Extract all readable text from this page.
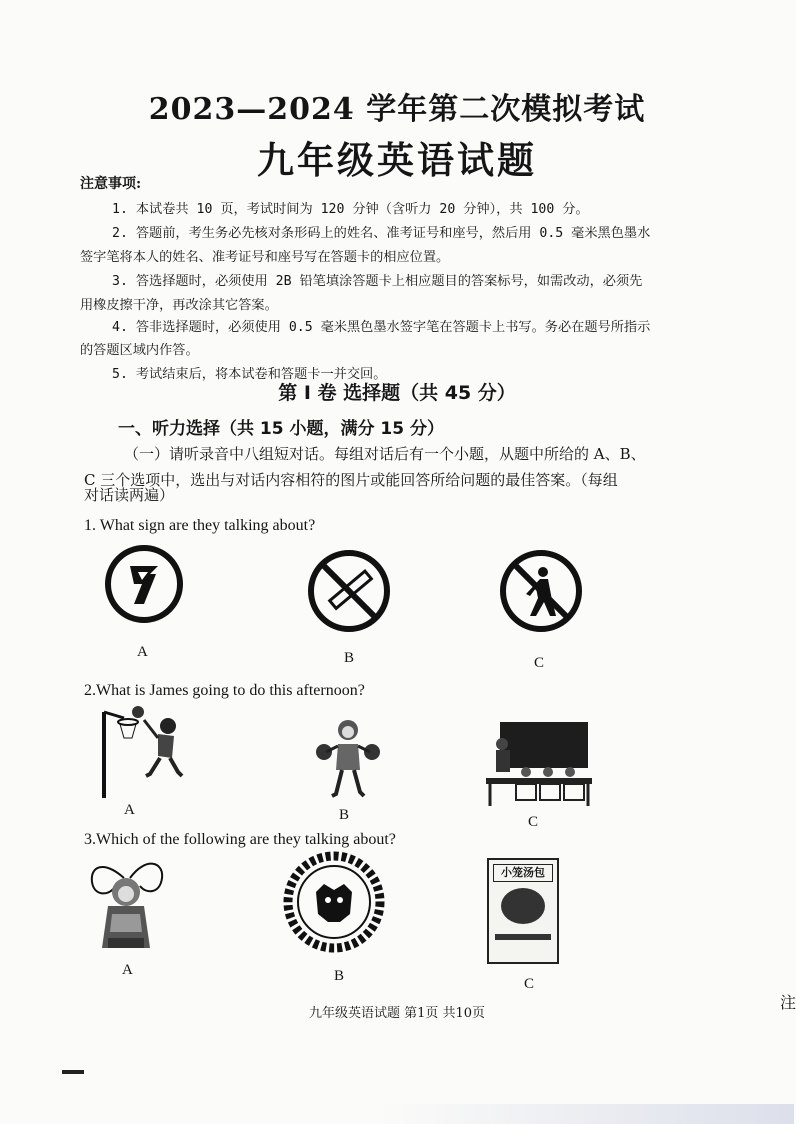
2023—2024 学年第二次模拟考试
九年级英语试题
注意事项:
1. 本试卷共 10 页，考试时间为 120 分钟（含听力 20 分钟），共 100 分。
2. 答题前，考生务必先核对条形码上的姓名、准考证号和座号，然后用 0.5 毫米黑色墨水
签字笔将本人的姓名、准考证号和座号写在答题卡的相应位置。
3. 答选择题时，必须使用 2B 铅笔填涂答题卡上相应题目的答案标号，如需改动，必须先
用橡皮擦干净，再改涂其它答案。
4. 答非选择题时，必须使用 0.5 毫米黑色墨水签字笔在答题卡上书写。务必在题号所指示
的答题区域内作答。
5. 考试结束后，将本试卷和答题卡一并交回。
第 Ⅰ 卷 选择题（共 45 分）
一、听力选择（共 15 小题，满分 15 分）
（一）请听录音中八组短对话。每组对话后有一个小题，从题中所给的 A、B、
C 三个选项中，选出与对话内容相符的图片或能回答所给问题的最佳答案。（每组
对话读两遍）
1. What sign are they talking about?
A	B	C
2.What is James going to do this afternoon?
A	B	C
3.Which of the following are they talking about?
A	B
小笼汤包
C
九年级英语试题 第1页 共10页
注
